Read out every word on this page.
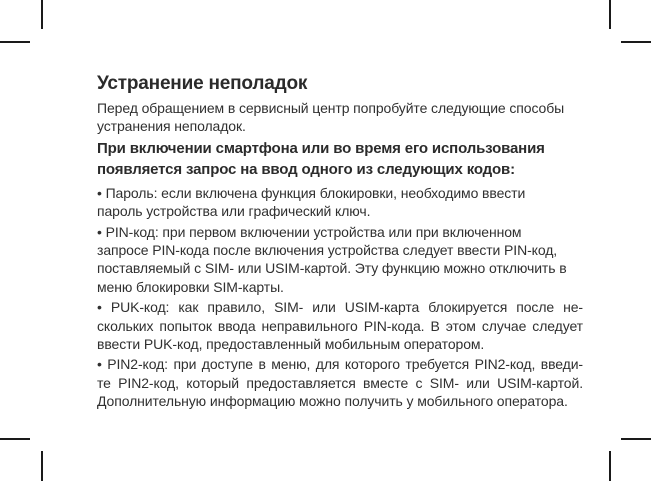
Устранение неполадок
Перед обращением в сервисный центр попробуйте следующие способы
устранения неполадок.
При включении смартфона или во время его использования
появляется запрос на ввод одного из следующих кодов:
• Пароль: если включена функция блокировки, необходимо ввести
пароль устройства или графический ключ.
• PIN-код: при первом включении устройства или при включенном
запросе PIN-кода после включения устройства следует ввести PIN-код,
поставляемый с SIM- или USIM-картой. Эту функцию можно отключить в
меню блокировки SIM-карты.
• PUK-код: как правило, SIM- или USIM-карта блокируется после не-
скольких попыток ввода неправильного PIN-кода. В этом случае следует
ввести PUK-код, предоставленный мобильным оператором.
• PIN2-код: при доступе в меню, для которого требуется PIN2-код, введи-
те PIN2-код, который предоставляется вместе с SIM- или USIM-картой.
Дополнительную информацию можно получить у мобильного оператора.
